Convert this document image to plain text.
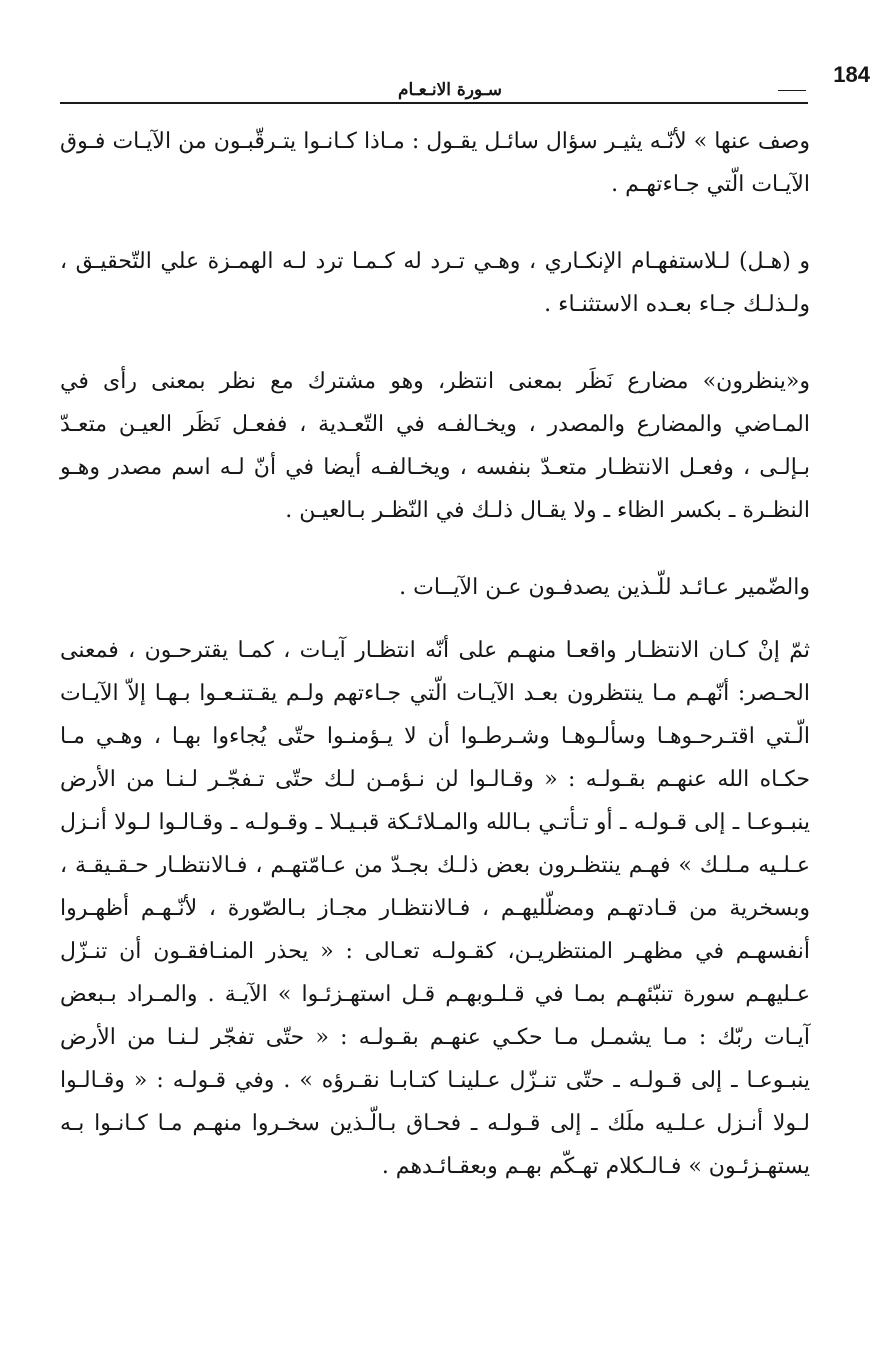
184
سـورة الانـعـام

وصف عنها » لأنّـه يثيـر سؤال سائـل يقـول : مـاذا كـانـوا يتـرقّبـون من الآيـات فـوق الآيـات الّتي جـاءتهـم .

و (هـل) لـلاستفهـام الإنكـاري ، وهـي تـرد له كـمـا ترد لـه الهمـزة علي التّحقيـق ، ولـذلـك جـاء بعـده الاستثنـاء .

و«ينظرون» مضارع نَظَر بمعنى انتظر، وهو مشترك مع نظر بمعنى رأى في المـاضي والمضارع والمصدر ، ويخـالفـه في التّعـدية ، ففعـل نَظَر العيـن متعـدّ بـإلـى ، وفعـل الانتظـار متعـدّ بنفسه ، ويخـالفـه أيضا في أنّ لـه اسم مصدر وهـو النظـرة ـ بكسر الظاء ـ ولا يقـال ذلـك في النّظـر بـالعيـن .

والضّمير عـائـد للّـذين يصدفـون عـن الآيــات .

ثمّ إنْ كـان الانتظـار واقعـا منهـم على أنّه انتظـار آيـات ، كمـا يقترحـون ، فمعنى الحـصر: أنّهـم مـا ينتظرون بعـد الآيـات الّتي جـاءتهم ولـم يقـتنـعـوا بـهـا إلاّ الآيـات الّـتي اقتـرحـوهـا وسألـوهـا وشـرطـوا أن لا يـؤمنـوا حتّى يُجاءوا بهـا ، وهـي مـا حكـاه الله عنهـم بقـولـه : « وقـالـوا لن نـؤمـن لـك حتّى تـفجّـر لـنـا من الأرض ينبـوعـا ـ إلى قـولـه ـ أو تـأتـي بـالله والمـلائـكة قبـيـلا ـ وقـولـه ـ وقـالـوا لـولا أنـزل عـلـيه مـلـك » فهـم ينتظـرون بعض ذلـك بجـدّ من عـامّتهـم ، فـالانتظـار حـقـيقـة ، وبسخرية من قـادتهـم ومضلّليهـم ، فـالانتظـار مجـاز بـالصّورة ، لأنّـهـم أظهـروا أنفسهـم في مظهـر المنتظريـن، كقـولـه تعـالى : « يحذر المنـافقـون أن تنـزّل عـليهـم سورة تنبّئهـم بمـا في قـلـوبهـم قـل استهـزئـوا » الآيـة . والمـراد بـبعض آيـات ربّك : مـا يشمـل مـا حكـي عنهـم بقـولـه : « حتّى تفجّر لـنـا من الأرض ينبـوعـا ـ إلى قـولـه ـ حتّى تنـزّل عـلينـا كتـابـا نقـرؤه » . وفي قـولـه : « وقـالـوا لـولا أنـزل عـلـيه ملَك ـ إلى قـولـه ـ فحـاق بـالّـذين سخـروا منهـم مـا كـانـوا بـه يستهـزئـون » فـالـكلام تهـكّم بهـم وبعقـائـدهم .
